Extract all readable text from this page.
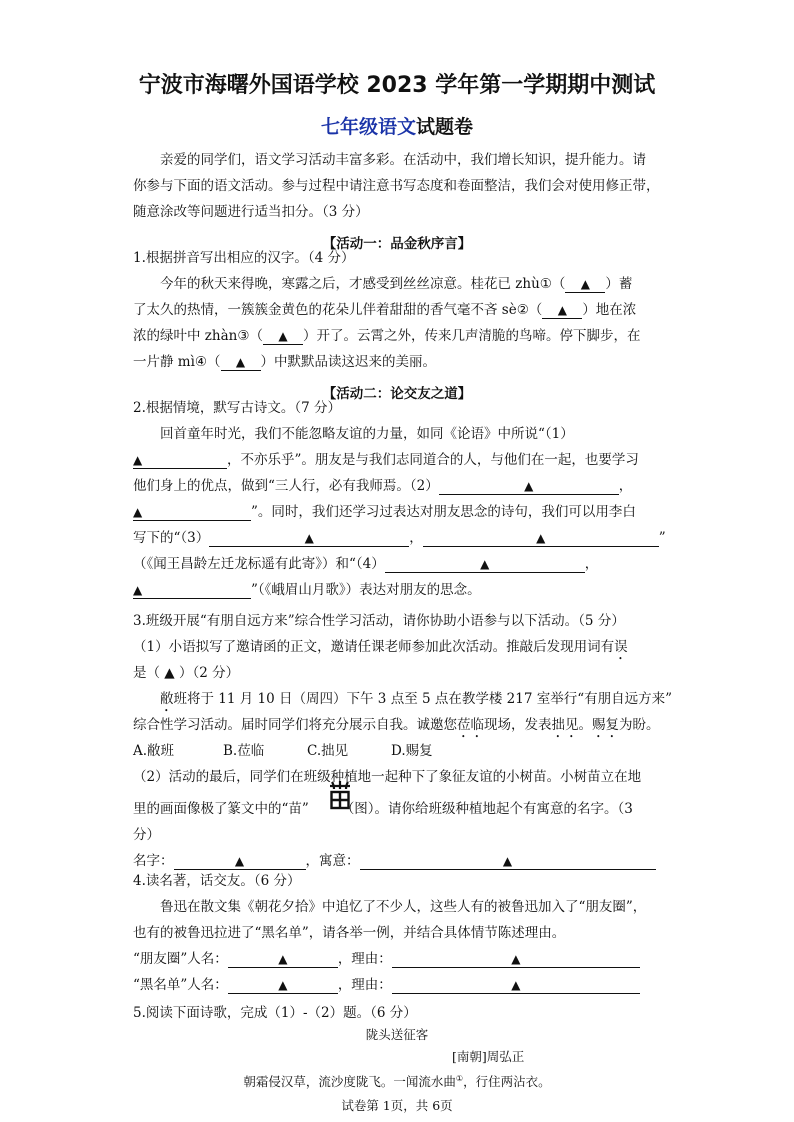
宁波市海曙外国语学校 2023 学年第一学期期中测试
七年级语文试题卷
亲爱的同学们，语文学习活动丰富多彩。在活动中，我们增长知识，提升能力。请
你参与下面的语文活动。参与过程中请注意书写态度和卷面整洁，我们会对使用修正带，
随意涂改等问题进行适当扣分。（3 分）
【活动一：品金秋序言】
1.根据拼音写出相应的汉字。（4 分）
今年的秋天来得晚，寒露之后，才感受到丝丝凉意。桂花已 zhù①（ ▲ ）蓄
了太久的热情，一簇簇金黄色的花朵儿伴着甜甜的香气毫不吝 sè②（ ▲ ）地在浓
浓的绿叶中 zhàn③（ ▲ ）开了。云霄之外，传来几声清脆的鸟啼。停下脚步，在
一片静 mì④（ ▲ ）中默默品读这迟来的美丽。
【活动二：论交友之道】
2.根据情境，默写古诗文。（7 分）
回首童年时光，我们不能忽略友谊的力量，如同《论语》中所说“（1）
▲	，不亦乐乎”。朋友是与我们志同道合的人，与他们在一起，也要学习
他们身上的优点，做到“三人行，必有我师焉。（2）	▲	，
▲	”。同时，我们还学习过表达对朋友思念的诗句，我们可以用李白
写下的“（3）	▲	，	▲	”
（《闻王昌龄左迁龙标遥有此寄》）和“（4）	▲	，
▲	”（《峨眉山月歌》）表达对朋友的思念。
3.班级开展“有朋自远方来”综合性学习活动，请你协助小语参与以下活动。（5 分）
（1）小语拟写了邀请函的正文，邀请任课老师参加此次活动。推敲后发现用词有误
是（ ▲ ）（2 分）
敝班将于 11 月 10 日（周四）下午 3 点至 5 点在教学楼 217 室举行“有朋自远方来”
综合性学习活动。届时同学们将充分展示自我。诚邀您莅临现场，发表拙见。赐复为盼。
A.敝班	B.莅临	C.拙见	D.赐复
（2）活动的最后，同学们在班级种植地一起种下了象征友谊的小树苗。小树苗立在地
里的画面像极了篆文中的“苗” （图）。请你给班级种植地起个有寓意的名字。（3
分）
名字：	▲	，寓意：	▲
4.读名著，话交友。（6 分）
鲁迅在散文集《朝花夕拾》中追忆了不少人，这些人有的被鲁迅加入了“朋友圈”，
也有的被鲁迅拉进了“黑名单”，请各举一例，并结合具体情节陈述理由。
“朋友圈”人名：	▲	，理由：	▲
“黑名单”人名：	▲	，理由：	▲
5.阅读下面诗歌，完成（1）-（2）题。（6 分）
陇头送征客
[南朝]周弘正
朝霜侵汉草，流沙度陇飞。一闻流水曲①，行住两沾衣。
试卷第 1页，共 6页
